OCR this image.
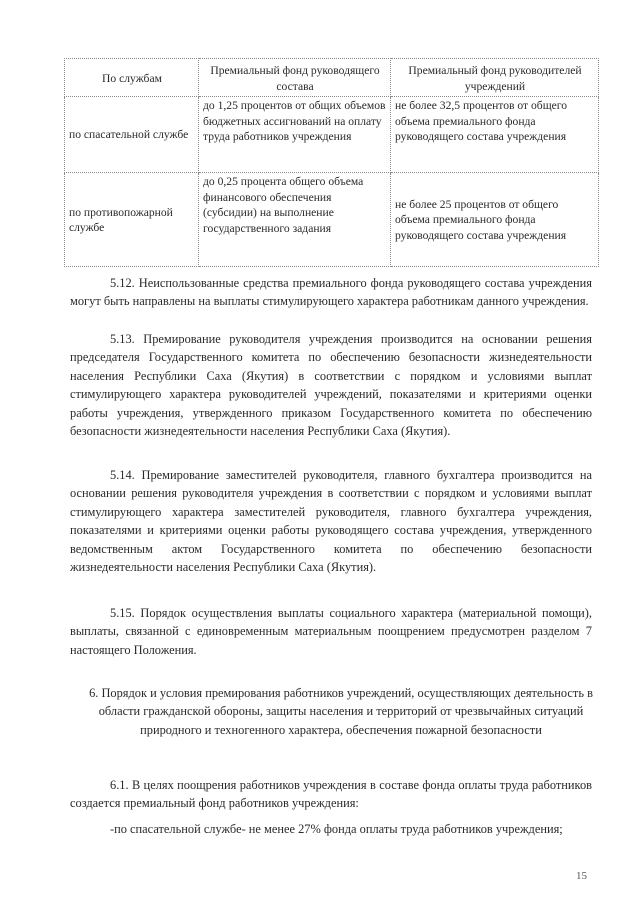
По службам	Премиальный фонд руководящего состава	Премиальный фонд руководителей учреждений
по спасательной службе	до 1,25 процентов от общих объемов бюджетных ассигнований на оплату труда работников учреждения	не более 32,5 процентов от общего объема премиального фонда руководящего состава учреждения
по противопожарной службе	до 0,25 процента общего объема финансового обеспечения (субсидии) на выполнение государственного задания	не более 25 процентов от общего объема премиального фонда руководящего состава учреждения

5.12. Неиспользованные средства премиального фонда руководящего состава учреждения могут быть направлены на выплаты стимулирующего характера работникам данного учреждения.

5.13. Премирование руководителя учреждения производится на основании решения председателя Государственного комитета по обеспечению безопасности жизнедеятельности населения Республики Саха (Якутия) в соответствии с порядком и условиями выплат стимулирующего характера руководителей учреждений, показателями и критериями оценки работы учреждения, утвержденного приказом Государственного комитета по обеспечению безопасности жизнедеятельности населения Республики Саха (Якутия).

5.14. Премирование заместителей руководителя, главного бухгалтера производится на основании решения руководителя учреждения в соответствии с порядком и условиями выплат стимулирующего характера заместителей руководителя, главного бухгалтера учреждения, показателями и критериями оценки работы руководящего состава учреждения, утвержденного ведомственным актом Государственного комитета по обеспечению безопасности жизнедеятельности населения Республики Саха (Якутия).

5.15. Порядок осуществления выплаты социального характера (материальной помощи), выплаты, связанной с единовременным материальным поощрением предусмотрен разделом 7 настоящего Положения.

6. Порядок и условия премирования работников учреждений, осуществляющих деятельность в области гражданской обороны, защиты населения и территорий от чрезвычайных ситуаций природного и техногенного характера, обеспечения пожарной безопасности

6.1. В целях поощрения работников учреждения в составе фонда оплаты труда работников создается премиальный фонд работников учреждения:

-по спасательной службе- не менее 27% фонда оплаты труда работников учреждения;

15
